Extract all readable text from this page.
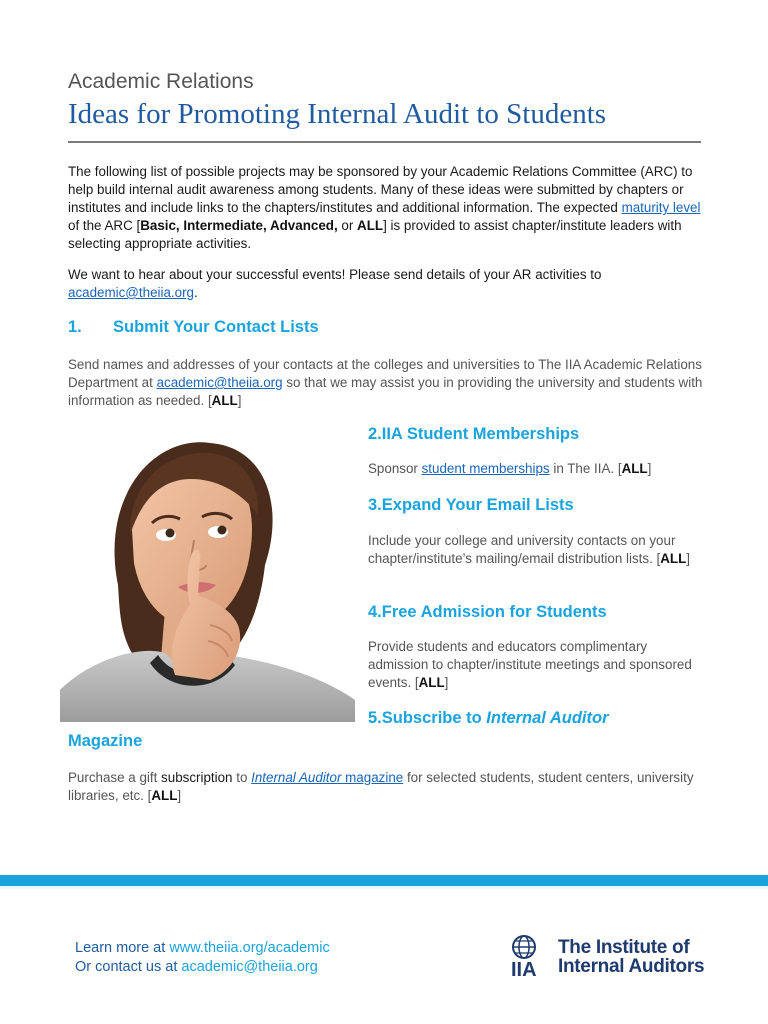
Academic Relations
Ideas for Promoting Internal Audit to Students
The following list of possible projects may be sponsored by your Academic Relations Committee (ARC) to help build internal audit awareness among students. Many of these ideas were submitted by chapters or institutes and include links to the chapters/institutes and additional information. The expected maturity level of the ARC [Basic, Intermediate, Advanced, or ALL] is provided to assist chapter/institute leaders with selecting appropriate activities.
We want to hear about your successful events! Please send details of your AR activities to academic@theiia.org.
1. Submit Your Contact Lists
Send names and addresses of your contacts at the colleges and universities to The IIA Academic Relations Department at academic@theiia.org so that we may assist you in providing the university and students with information as needed. [ALL]
2.IIA Student Memberships
Sponsor student memberships in The IIA. [ALL]
3.Expand Your Email Lists
Include your college and university contacts on your chapter/institute’s mailing/email distribution lists. [ALL]
4.Free Admission for Students
Provide students and educators complimentary admission to chapter/institute meetings and sponsored events. [ALL]
5.Subscribe to Internal Auditor
Magazine
Purchase a gift subscription to Internal Auditor magazine for selected students, student centers, university libraries, etc. [ALL]
Learn more at www.theiia.org/academic
Or contact us at academic@theiia.org	IIA
The Institute of
Internal Auditors
